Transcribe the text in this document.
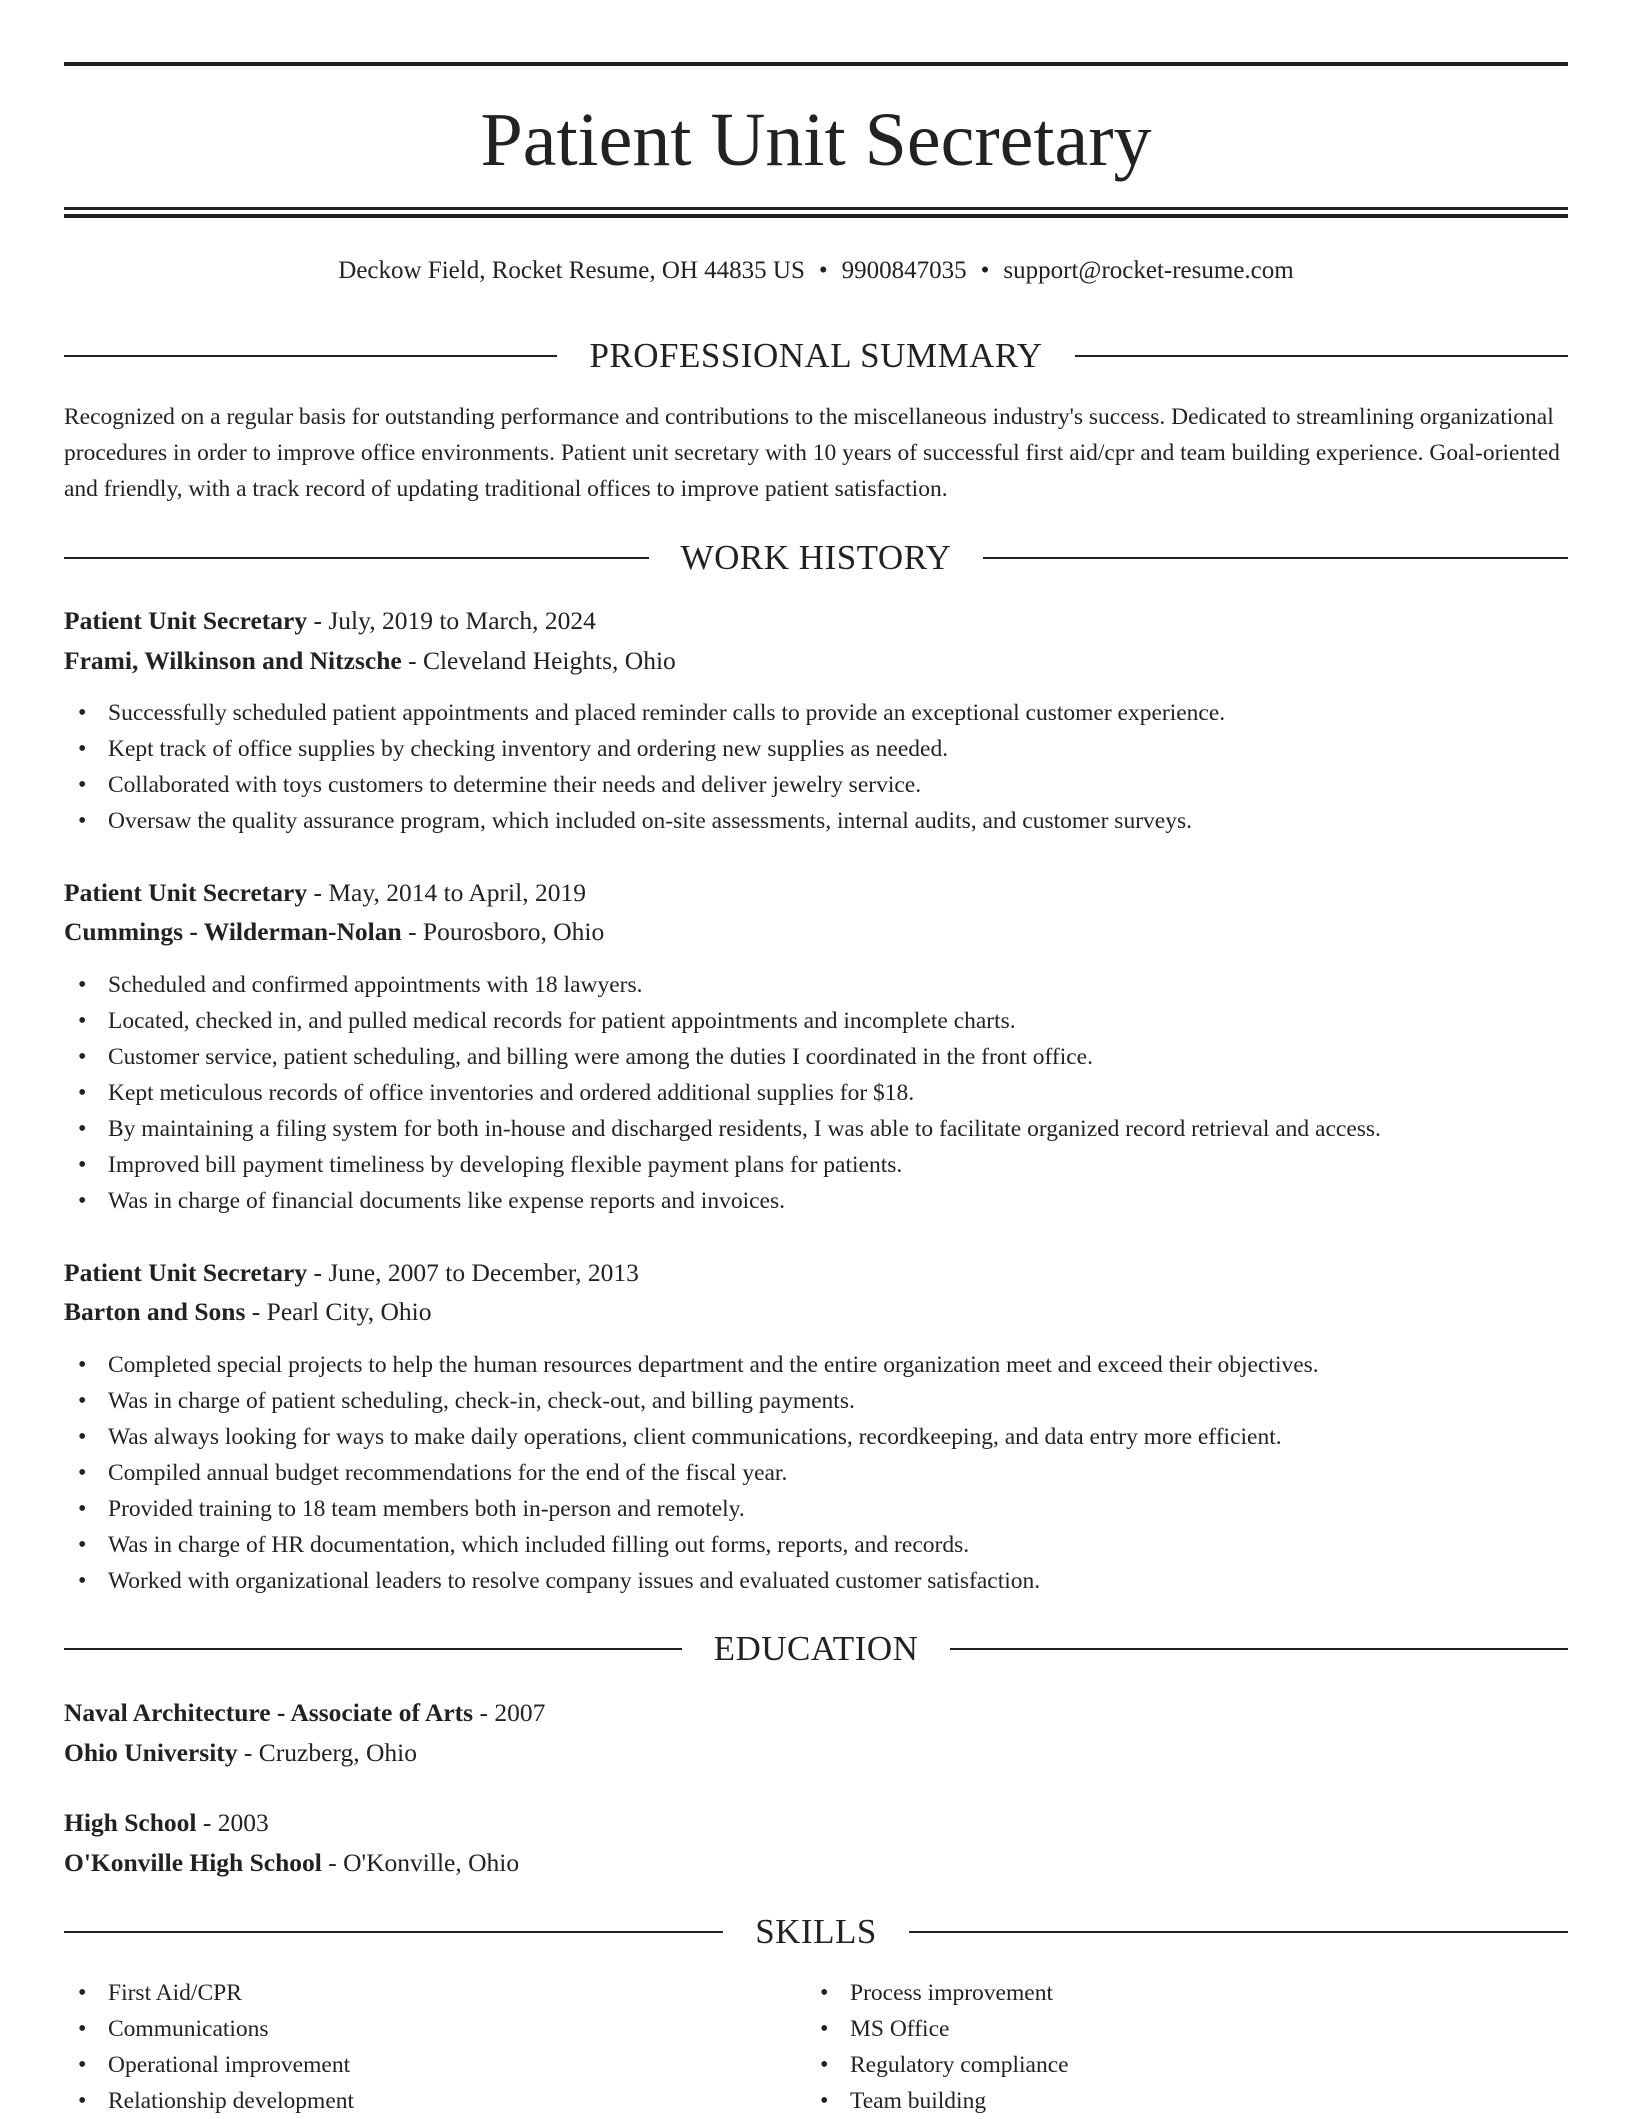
Patient Unit Secretary
Deckow Field, Rocket Resume, OH 44835 US • 9900847035 • support@rocket-resume.com
PROFESSIONAL SUMMARY
Recognized on a regular basis for outstanding performance and contributions to the miscellaneous industry's success. Dedicated to streamlining organizational procedures in order to improve office environments. Patient unit secretary with 10 years of successful first aid/cpr and team building experience. Goal-oriented and friendly, with a track record of updating traditional offices to improve patient satisfaction.
WORK HISTORY
Patient Unit Secretary - July, 2019 to March, 2024
Frami, Wilkinson and Nitzsche - Cleveland Heights, Ohio
• Successfully scheduled patient appointments and placed reminder calls to provide an exceptional customer experience.
• Kept track of office supplies by checking inventory and ordering new supplies as needed.
• Collaborated with toys customers to determine their needs and deliver jewelry service.
• Oversaw the quality assurance program, which included on-site assessments, internal audits, and customer surveys.
Patient Unit Secretary - May, 2014 to April, 2019
Cummings - Wilderman-Nolan - Pourosboro, Ohio
• Scheduled and confirmed appointments with 18 lawyers.
• Located, checked in, and pulled medical records for patient appointments and incomplete charts.
• Customer service, patient scheduling, and billing were among the duties I coordinated in the front office.
• Kept meticulous records of office inventories and ordered additional supplies for $18.
• By maintaining a filing system for both in-house and discharged residents, I was able to facilitate organized record retrieval and access.
• Improved bill payment timeliness by developing flexible payment plans for patients.
• Was in charge of financial documents like expense reports and invoices.
Patient Unit Secretary - June, 2007 to December, 2013
Barton and Sons - Pearl City, Ohio
• Completed special projects to help the human resources department and the entire organization meet and exceed their objectives.
• Was in charge of patient scheduling, check-in, check-out, and billing payments.
• Was always looking for ways to make daily operations, client communications, recordkeeping, and data entry more efficient.
• Compiled annual budget recommendations for the end of the fiscal year.
• Provided training to 18 team members both in-person and remotely.
• Was in charge of HR documentation, which included filling out forms, reports, and records.
• Worked with organizational leaders to resolve company issues and evaluated customer satisfaction.
EDUCATION
Naval Architecture - Associate of Arts - 2007
Ohio University - Cruzberg, Ohio
High School - 2003
O'Konville High School - O'Konville, Ohio
SKILLS
• First Aid/CPR
• Communications
• Operational improvement
• Relationship development
• Process improvement
• MS Office
• Regulatory compliance
• Team building
